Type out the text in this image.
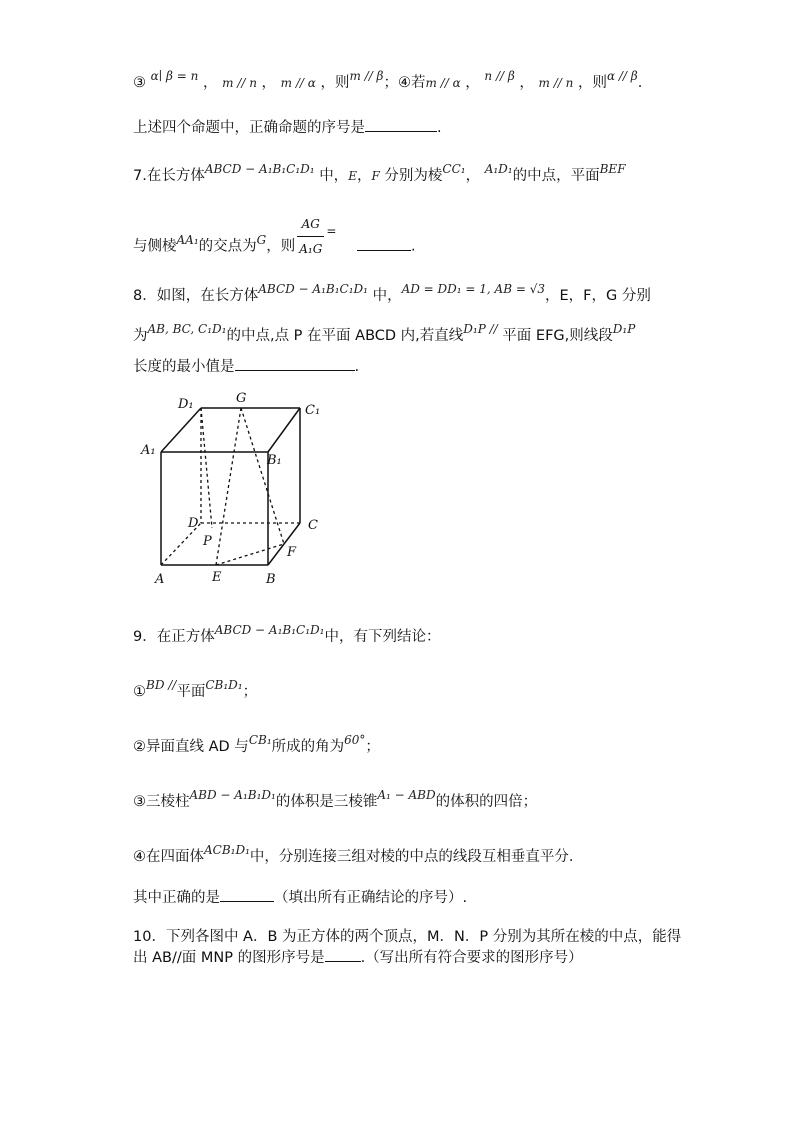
③ $^{\alpha∣ \beta = n}$ ， m // n ， m // α ，则$^{m // \beta}$；④若m // α ， $^{n // \beta}$ ， m // n ，则$^{\alpha // \beta}$.
上述四个命题中，正确命题的序号是	.
7.在长方体$^{ABCD - A_1B_1C_1D_1}$ 中，E，F 分别为棱$^{CC_1}$， $^{A_1D_1}$的中点，平面$^{BEF}$
与侧棱$^{AA_1}$的交点为$^G$，则 $\frac{AG}{\text{A₁G}} ^=$ .
8．如图，在长方体$^{ABCD - A_1B_1C_1D_1}$ 中，$^{AD = DD_1 = 1, AB = √3}$，E，F，G 分别
为$^{AB, BC, C_1D_1}$的中点,点 P 在平面 ABCD 内,若直线$^{D_1P //}$ 平面 EFG,则线段$^{D_1P}$
长度的最小值是	.
D₁	G
C₁
A₁
B₁
D
P
C
F
A	E	B
9．在正方体$^{ABCD - A_1B_1C_1D_1}$中，有下列结论：
①$^{BD //}$平面$^{CB_1D_1}$；
②异面直线 AD 与$^{CB_1}$所成的角为$^{60^\circ}$；
③三棱柱$^{ABD - A_1B_1D_1}$的体积是三棱锥$^{A_1 - ABD}$的体积的四倍；
④在四面体$^{ACB_1D_1}$中，分别连接三组对棱的中点的线段互相垂直平分.
其中正确的是	（填出所有正确结论的序号）.
10．下列各图中 A．B 为正方体的两个顶点，M．N．P 分别为其所在棱的中点，能得
出 AB//面 MNP 的图形序号是 .（写出所有符合要求的图形序号）
